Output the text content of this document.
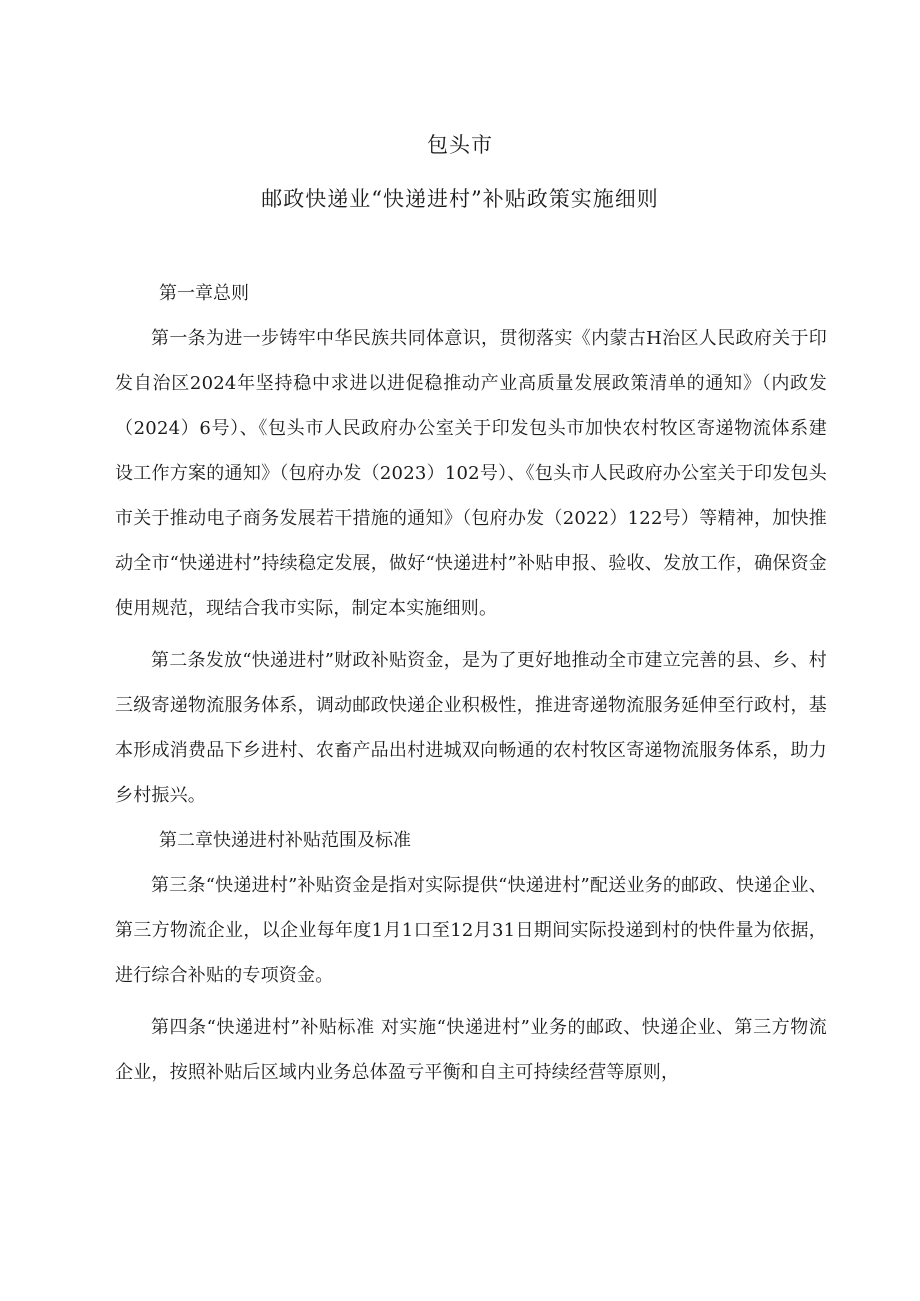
包头市
邮政快递业“快递进村”补贴政策实施细则

第一章总则

第一条为进一步铸牢中华民族共同体意识，贯彻落实《内蒙古H治区人民政府关于印发自治区2024年坚持稳中求进以进促稳推动产业高质量发展政策清单的通知》（内政发（2024）6号）、《包头市人民政府办公室关于印发包头市加快农村牧区寄递物流体系建设工作方案的通知》（包府办发（2023）102号）、《包头市人民政府办公室关于印发包头市关于推动电子商务发展若干措施的通知》（包府办发（2022）122号）等精神，加快推动全市“快递进村”持续稳定发展，做好“快递进村”补贴申报、验收、发放工作，确保资金使用规范，现结合我市实际，制定本实施细则。

第二条发放“快递进村”财政补贴资金，是为了更好地推动全市建立完善的县、乡、村三级寄递物流服务体系，调动邮政快递企业积极性，推进寄递物流服务延伸至行政村，基本形成消费品下乡进村、农畜产品出村进城双向畅通的农村牧区寄递物流服务体系，助力乡村振兴。

第二章快递进村补贴范围及标准

第三条“快递进村”补贴资金是指对实际提供“快递进村”配送业务的邮政、快递企业、第三方物流企业，以企业每年度1月1口至12月31日期间实际投递到村的快件量为依据，进行综合补贴的专项资金。

第四条“快递进村”补贴标准 对实施“快递进村”业务的邮政、快递企业、第三方物流企业，按照补贴后区域内业务总体盈亏平衡和自主可持续经营等原则，
